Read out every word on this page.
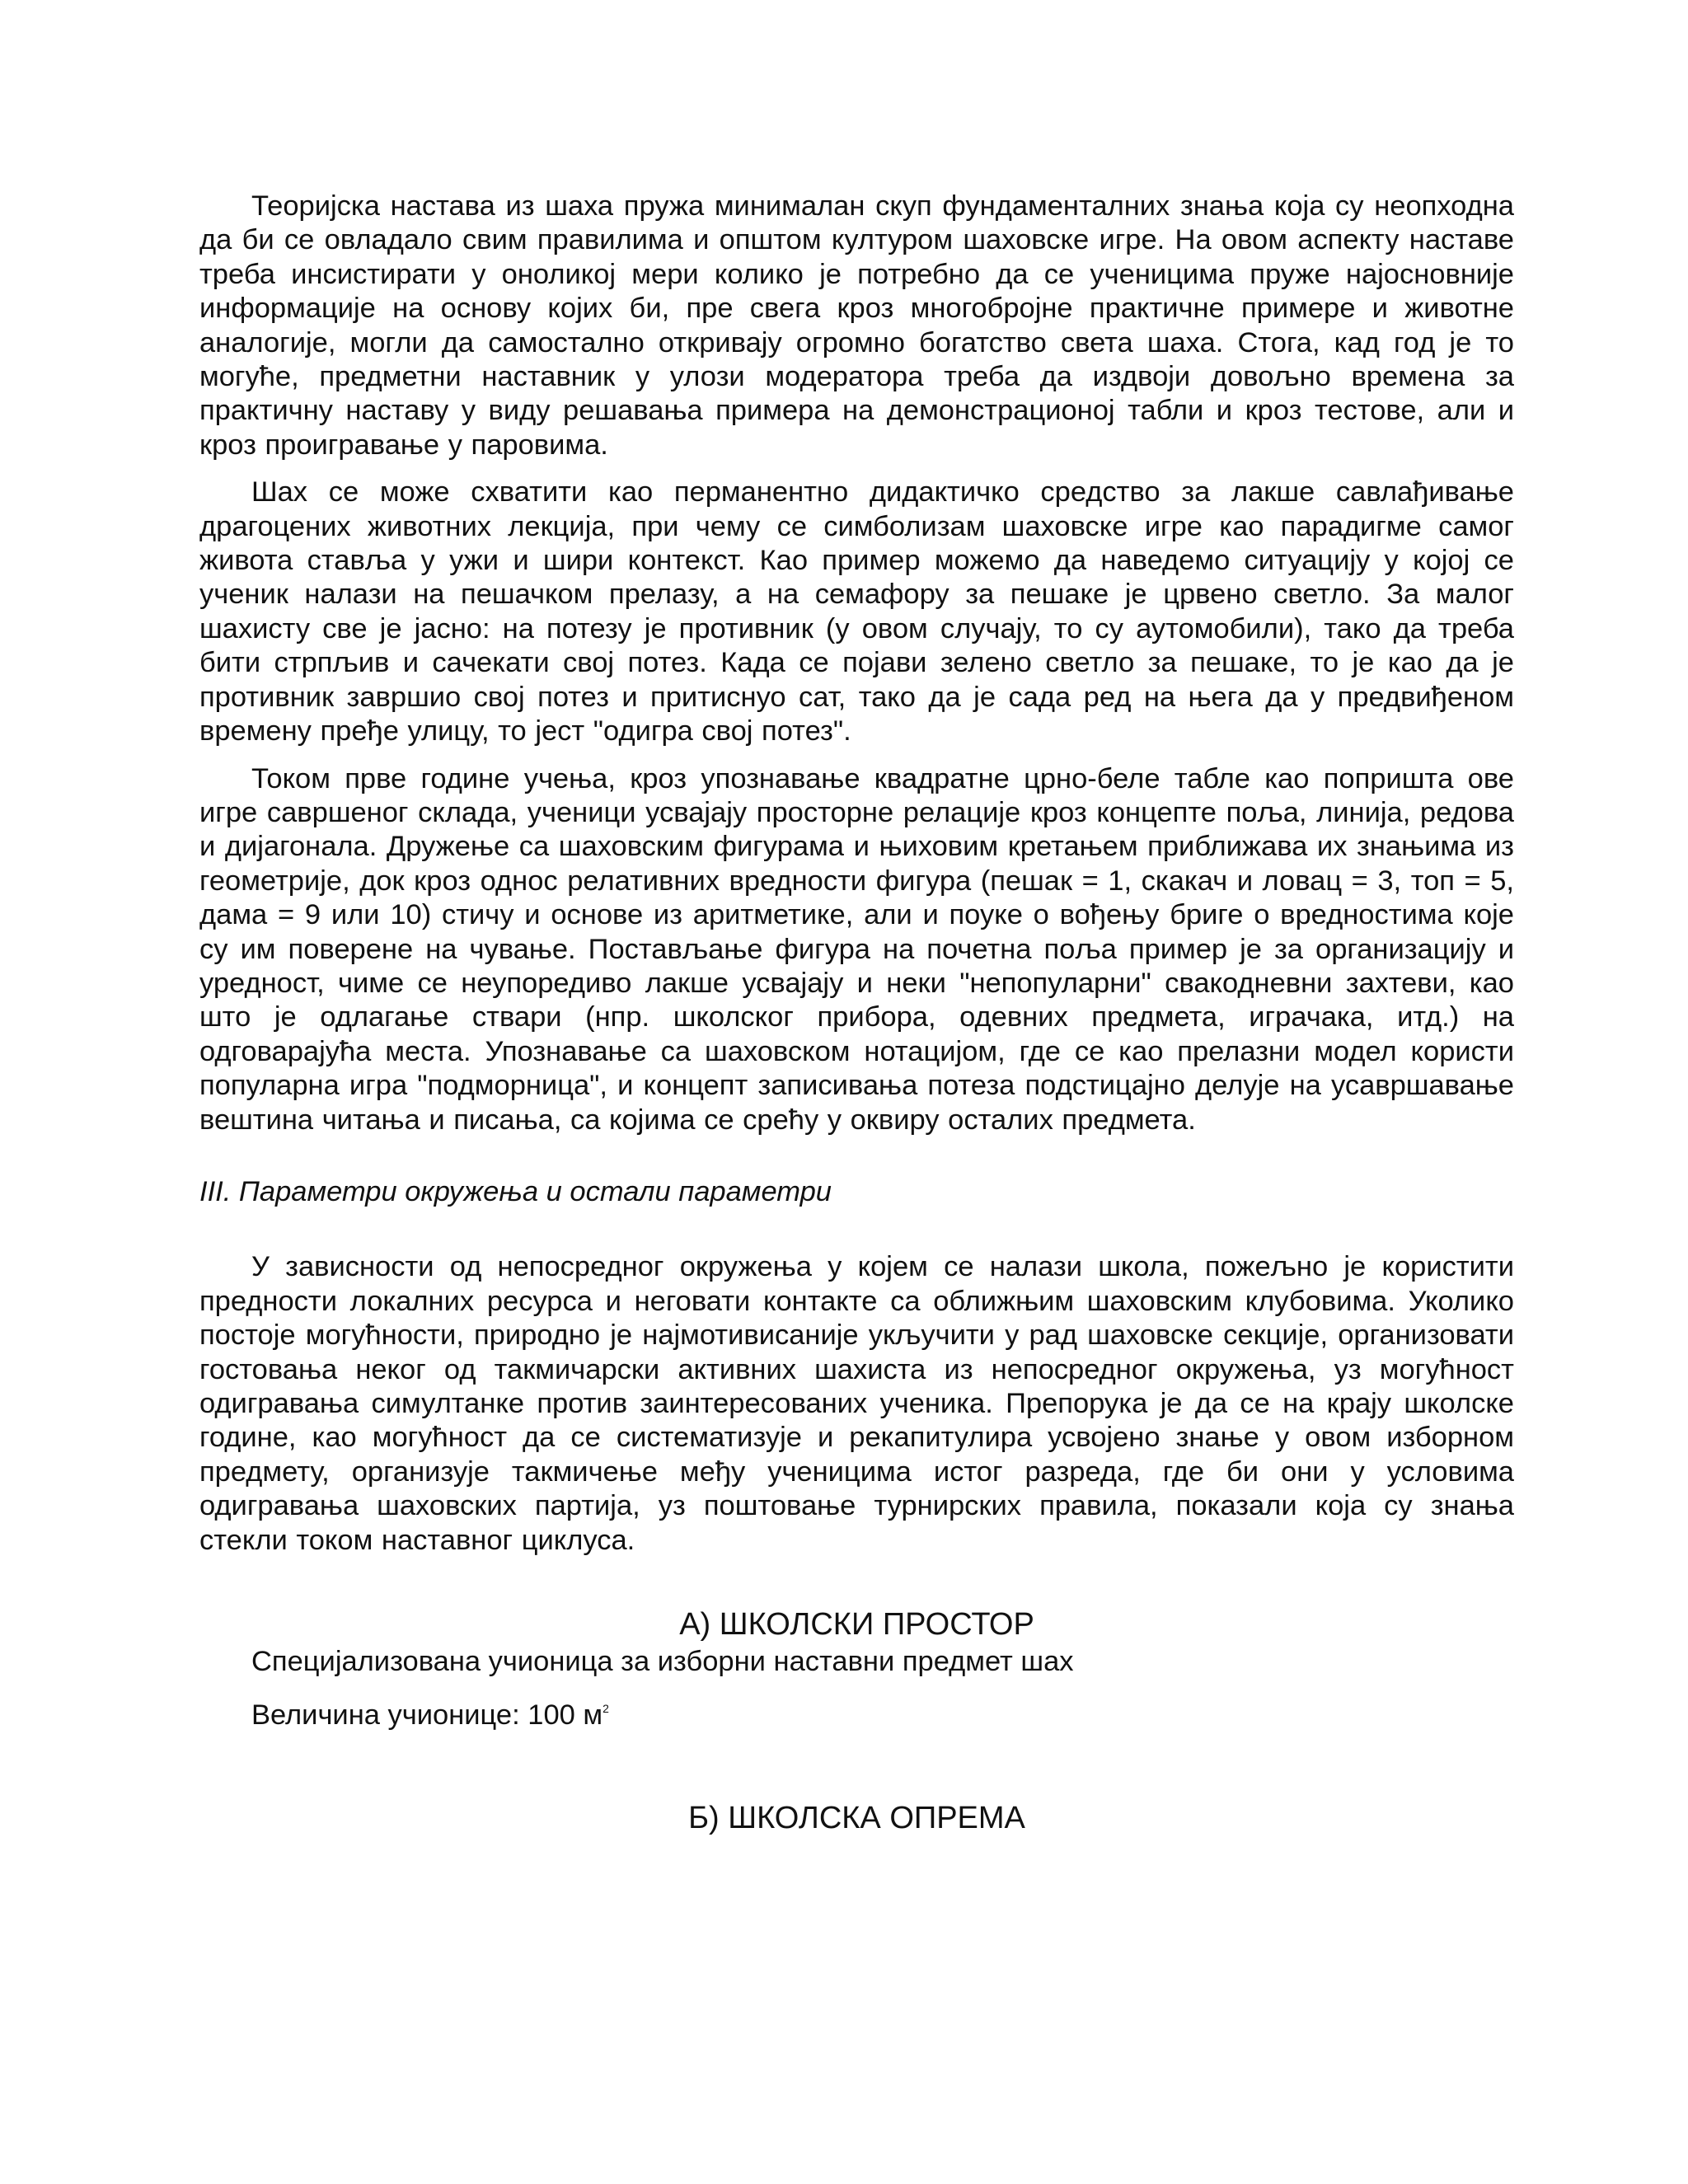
Теоријска настава из шаха пружа минималан скуп фундаменталних знања која су неопходна да би се овладало свим правилима и општом културом шаховске игре. На овом аспекту наставе треба инсистирати у оноликој мери колико је потребно да се ученицима пруже најосновније информације на основу којих би, пре свега кроз многобројне практичне примере и животне аналогије, могли да самостално откривају огромно богатство света шаха. Стога, кад год је то могуће, предметни наставник у улози модератора треба да издвоји довољно времена за практичну наставу у виду решавања примера на демонстрационој табли и кроз тестове, али и кроз проигравање у паровима.

Шах се може схватити као перманентно дидактичко средство за лакше савлађивање драгоцених животних лекција, при чему се симболизам шаховске игре као парадигме самог живота ставља у ужи и шири контекст. Као пример можемо да наведемо ситуацију у којој се ученик налази на пешачком прелазу, а на семафору за пешаке је црвено светло. За малог шахисту све је јасно: на потезу је противник (у овом случају, то су аутомобили), тако да треба бити стрпљив и сачекати свој потез. Када се појави зелено светло за пешаке, то је као да је противник завршио свој потез и притиснуо сат, тако да је сада ред на њега да у предвиђеном времену пређе улицу, то јест "одигра свој потез".

Током прве године учења, кроз упознавање квадратне црно-беле табле као поприштa ове игре савршеног склада, ученици усвајају просторне релације кроз концепте поља, линија, редова и дијагонала. Дружење са шаховским фигурама и њиховим кретањем приближава их знањима из геометрије, док кроз однос релативних вредности фигура (пешак = 1, скакач и ловац = 3, топ = 5, дама = 9 или 10) стичу и основе из аритметике, али и поуке о вођењу бриге о вредностима које су им поверене на чување. Постављање фигура на почетна поља пример је за организацију и уредност, чиме се неупоредиво лакше усвајају и неки "непопуларни" свакодневни захтеви, као што је одлагање ствари (нпр. школског прибора, одевних предмета, играчака, итд.) на одговарајућа места. Упознавање са шаховском нотацијом, где се као прелазни модел користи популарна игра "подморница", и концепт записивања потеза подстицајно делује на усавршавање вештина читања и писања, са којима се срећу у оквиру осталих предмета.

III. Параметри окружења и остали параметри

У зависности од непосредног окружења у којем се налази школа, пожељно је користити предности локалних ресурса и неговати контакте са оближњим шаховским клубовима. Уколико постоје могућности, природно је најмотивисаније укључити у рад шаховске секције, организовати гостовања неког од такмичарски активних шахиста из непосредног окружења, уз могућност одигравања симултанке против заинтересованих ученика. Препорука је да се на крају школске године, као могућност да се систематизује и рекапитулира усвојено знање у овом изборном предмету, организује такмичење међу ученицима истог разреда, где би они у условима одигравања шаховских партија, уз поштовање турнирских правила, показали која су знања стекли током наставног циклуса.

А) ШКОЛСКИ ПРОСТОР

Специјализована учионица за изборни наставни предмет шах

Величина учионице: 100 $м^2$

Б) ШКОЛСКА ОПРЕМА
